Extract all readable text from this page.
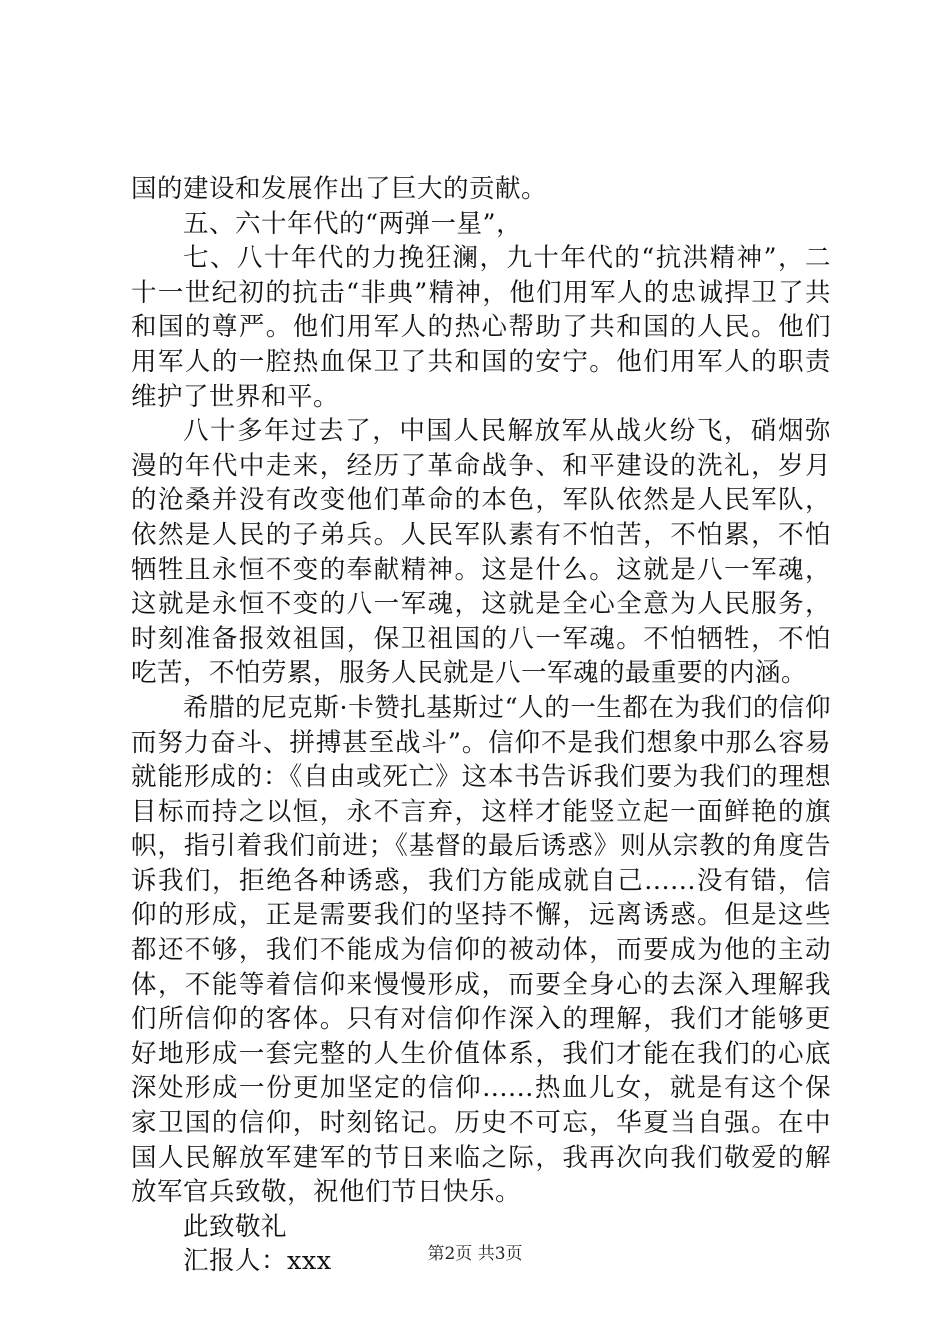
国的建设和发展作出了巨大的贡献。

五、六十年代的“两弹一星”，

七、八十年代的力挽狂澜，九十年代的“抗洪精神”，二十一世纪初的抗击“非典”精神，他们用军人的忠诚捍卫了共和国的尊严。他们用军人的热心帮助了共和国的人民。他们用军人的一腔热血保卫了共和国的安宁。他们用军人的职责维护了世界和平。

八十多年过去了，中国人民解放军从战火纷飞，硝烟弥漫的年代中走来，经历了革命战争、和平建设的洗礼，岁月的沧桑并没有改变他们革命的本色，军队依然是人民军队，依然是人民的子弟兵。人民军队素有不怕苦，不怕累，不怕牺牲且永恒不变的奉献精神。这是什么。这就是八一军魂，这就是永恒不变的八一军魂，这就是全心全意为人民服务，时刻准备报效祖国，保卫祖国的八一军魂。不怕牺牲，不怕吃苦，不怕劳累，服务人民就是八一军魂的最重要的内涵。

希腊的尼克斯·卡赞扎基斯过“人的一生都在为我们的信仰而努力奋斗、拼搏甚至战斗”。信仰不是我们想象中那么容易就能形成的：《自由或死亡》这本书告诉我们要为我们的理想目标而持之以恒，永不言弃，这样才能竖立起一面鲜艳的旗帜，指引着我们前进；《基督的最后诱惑》则从宗教的角度告诉我们，拒绝各种诱惑，我们方能成就自己......没有错，信仰的形成，正是需要我们的坚持不懈，远离诱惑。但是这些都还不够，我们不能成为信仰的被动体，而要成为他的主动体，不能等着信仰来慢慢形成，而要全身心的去深入理解我们所信仰的客体。只有对信仰作深入的理解，我们才能够更好地形成一套完整的人生价值体系，我们才能在我们的心底深处形成一份更加坚定的信仰......热血儿女，就是有这个保家卫国的信仰，时刻铭记。历史不可忘，华夏当自强。在中国人民解放军建军的节日来临之际，我再次向我们敬爱的解放军官兵致敬，祝他们节日快乐。

此致敬礼

汇报人：xxx	第2页 共3页
